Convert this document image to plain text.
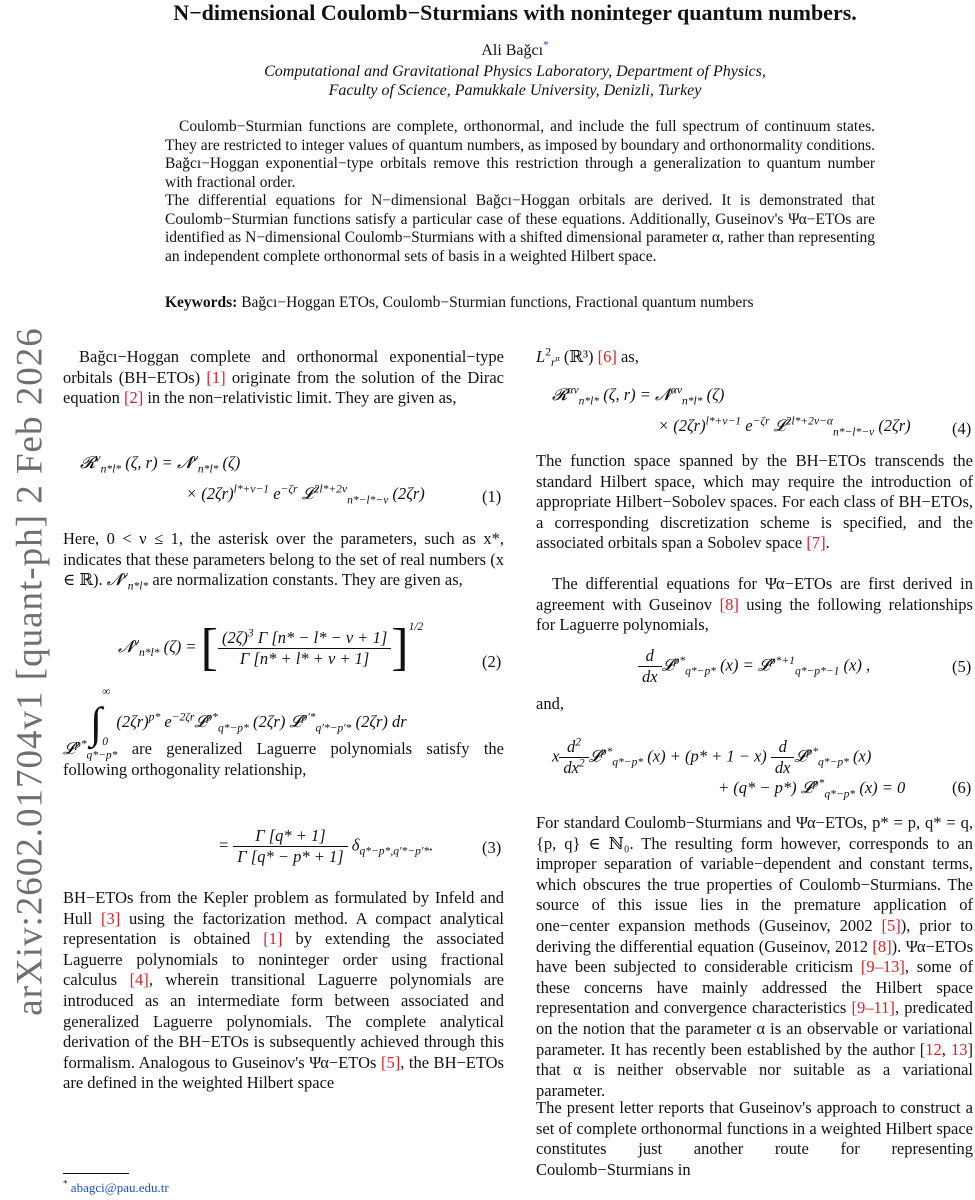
arXiv:2602.01704v1 [quant-ph] 2 Feb 2026
N−dimensional Coulomb−Sturmians with noninteger quantum numbers.
Ali Bağcı*
Computational and Gravitational Physics Laboratory, Department of Physics,
Faculty of Science, Pamukkale University, Denizli, Turkey
Coulomb−Sturmian functions are complete, orthonormal, and include the full spectrum of continuum states. They are restricted to integer values of quantum numbers, as imposed by boundary and orthonormality conditions. Bağcı−Hoggan exponential−type orbitals remove this restriction through a generalization to quantum number with fractional order.
The differential equations for N−dimensional Bağcı−Hoggan orbitals are derived. It is demonstrated that Coulomb−Sturmian functions satisfy a particular case of these equations. Additionally, Guseinov's Ψα−ETOs are identified as N−dimensional Coulomb−Sturmians with a shifted dimensional parameter α, rather than representing an independent complete orthonormal sets of basis in a weighted Hilbert space.
Keywords: Bağcı−Hoggan ETOs, Coulomb−Sturmian functions, Fractional quantum numbers
Bağcı−Hoggan complete and orthonormal exponential−type orbitals (BH−ETOs) [1] originate from the solution of the Dirac equation [2] in the non−relativistic limit. They are given as,
𝓡$^\nu_{n*l*}$ (ζ, r) = 𝓝$^\nu_{n*l*}$ (ζ)
× $(2\zeta r)^{l*+\nu-1}$ $e^{-\zeta r}$ 𝓛$^{2l*+2\nu}_{n*-l*-\nu}$ (2ζr)	(1)
Here, 0 < ν ≤ 1, the asterisk over the parameters, such as x*, indicates that these parameters belong to the set of real numbers (x ∈ ℝ). 𝓝$^\nu_{n*l*}$ are normalization constants. They are given as,
𝓝$^\nu_{n*l*}$ (ζ) = [ $\frac{(2\zeta)^3 \Gamma [n* - l* - \nu + 1]}{\Gamma [n* + l* + \nu + 1]} ]^{1/2}$
(2)
𝓛$^{p*}_{q*-p*}$ are generalized Laguerre polynomials satisfy the following orthogonality relationship,
$\int^\infty_0$  $(2\zeta r)^{p*}$ $e^{-2\zeta r}𝓛^{p*}_{q*-p*}$ (2ζr) 𝓛$^{p'*}_{q'*-p'*}$ (2ζr) dr
= $\frac{\Gamma [q* + 1]}{\Gamma [q* - p* + 1]} \delta_{q*-p*,q'*-p'*}$.	(3)
BH−ETOs from the Kepler problem as formulated by Infeld and Hull [3] using the factorization method. A compact analytical representation is obtained [1] by extending the associated Laguerre polynomials to noninteger order using fractional calculus [4], wherein transitional Laguerre polynomials are introduced as an intermediate form between associated and generalized Laguerre polynomials. The complete analytical derivation of the BH−ETOs is subsequently achieved through this formalism. Analogous to Guseinov's Ψα−ETOs [5], the BH−ETOs are defined in the weighted Hilbert space
$L^2_{r^\alpha}$ (ℝ³) [6] as,
𝓡$^{\alpha\nu}_{n*l*}$ (ζ, r) = 𝓝$^{\alpha\nu}_{n*l*}$ (ζ)
× $(2\zeta r)^{l*+\nu-1}$ $e^{-\zeta r}$ 𝓛$^{2l*+2\nu-\alpha}_{n*-l*-\nu}$ (2ζr)	(4)
The function space spanned by the BH−ETOs transcends the standard Hilbert space, which may require the introduction of appropriate Hilbert−Sobolev spaces. For each class of BH−ETOs, a corresponding discretization scheme is specified, and the associated orbitals span a Sobolev space [7].
The differential equations for Ψα−ETOs are first derived in agreement with Guseinov [8] using the following relationships for Laguerre polynomials,
$\frac{d}{dx}$ 𝓛$^{p*}_{q*-p*}$ (x) = 𝓛$^{p*+1}_{q*-p*-1}$ (x) ,	(5)
and,
x $\frac{d^2}{dx^2}$ 𝓛$^{p*}_{q*-p*}$ $(x) + (p* + 1 - x) \frac{d}{dx}$ 𝓛$^{p*}_{q*-p*}$ (x)
+ (q* − p*) 𝓛$^{p*}_{q*-p*}$ (x) = 0	(6)
For standard Coulomb−Sturmians and Ψα−ETOs, p* = p, q* = q, {p, q} ∈ ℕ₀. The resulting form however, corresponds to an improper separation of variable−dependent and constant terms, which obscures the true properties of Coulomb−Sturmians. The source of this issue lies in the premature application of one−center expansion methods (Guseinov, 2002 [5]), prior to deriving the differential equation (Guseinov, 2012 [8]). Ψα−ETOs have been subjected to considerable criticism [9–13], some of these concerns have mainly addressed the Hilbert space representation and convergence characteristics [9–11], predicated on the notion that the parameter α is an observable or variational parameter. It has recently been established by the author [12, 13] that α is neither observable nor suitable as a variational parameter.
The present letter reports that Guseinov's approach to construct a set of complete orthonormal functions in a weighted Hilbert space constitutes just another route for representing Coulomb−Sturmians in
* abagci@pau.edu.tr
